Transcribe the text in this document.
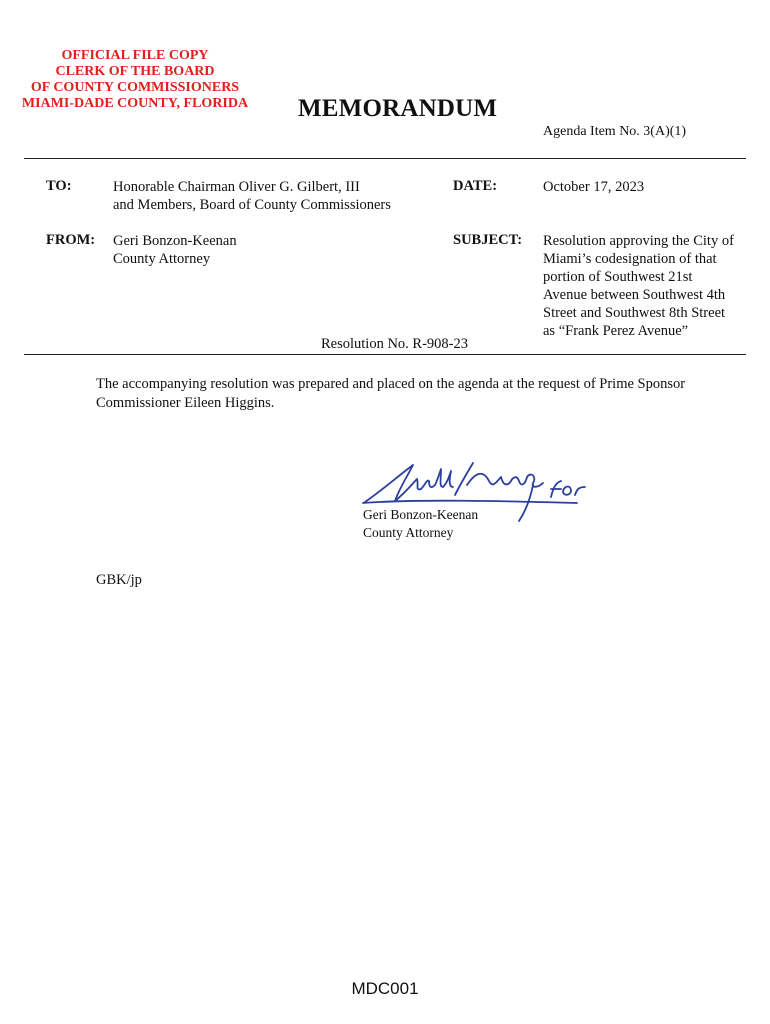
OFFICIAL FILE COPY
CLERK OF THE BOARD
OF COUNTY COMMISSIONERS
MIAMI-DADE COUNTY, FLORIDA	MEMORANDUM
Agenda Item No. 3(A)(1)
TO:	Honorable Chairman Oliver G. Gilbert, III
and Members, Board of County Commissioners
DATE:	October 17, 2023
FROM: Geri Bonzon-Keenan
County Attorney
SUBJECT: Resolution approving the City of
Miami’s codesignation of that
portion of Southwest 21st
Avenue between Southwest 4th
Street and Southwest 8th Street
as “Frank Perez Avenue”
Resolution No. R-908-23
The accompanying resolution was prepared and placed on the agenda at the request of Prime Sponsor
Commissioner Eileen Higgins.
Geri Bonzon-Keenan
County Attorney
GBK/jp
MDC001
